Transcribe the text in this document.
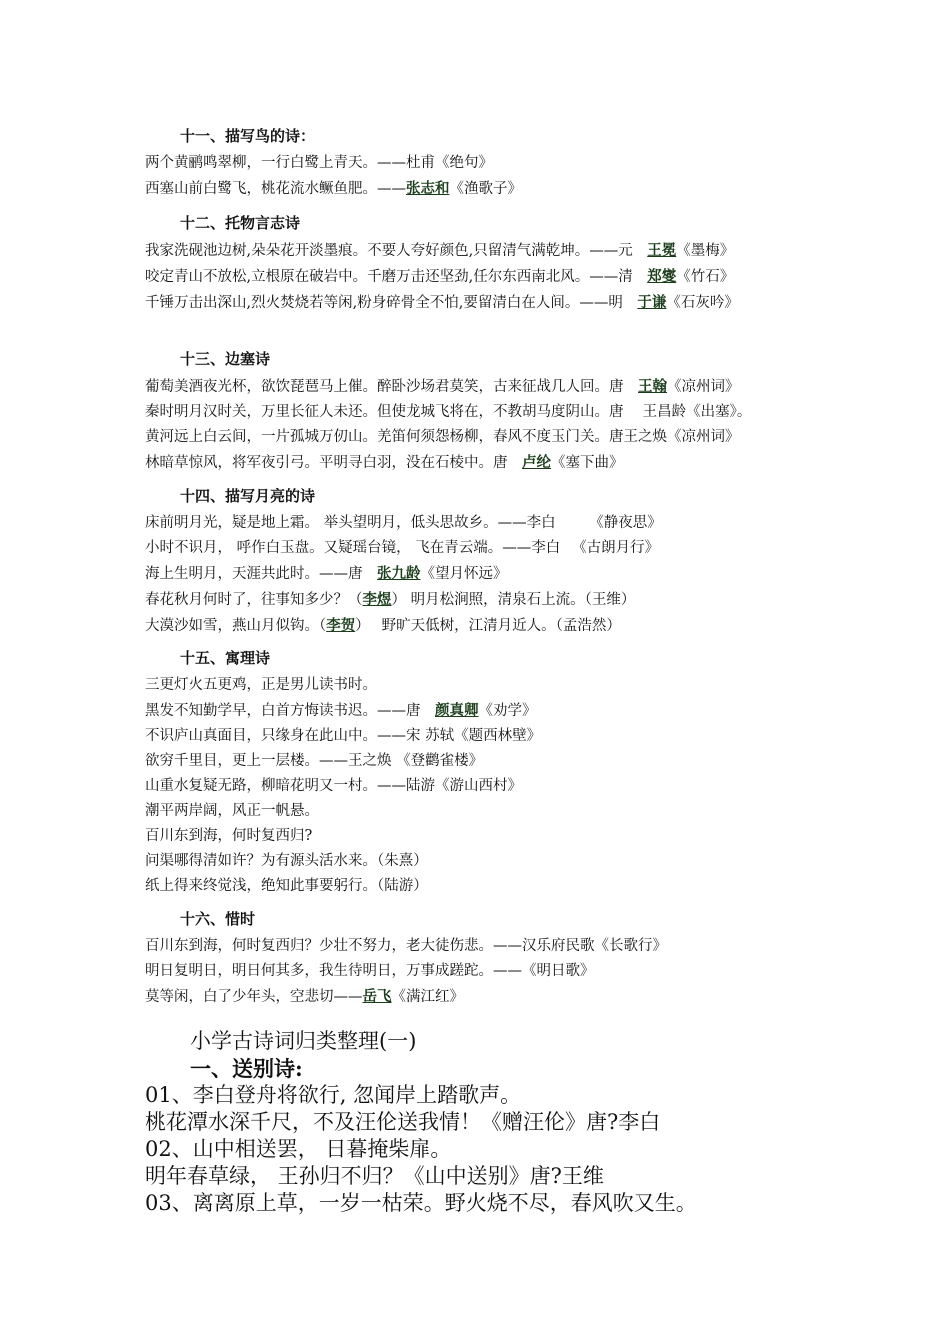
十一、描写鸟的诗：
两个黄鹂鸣翠柳，一行白鹭上青天。——杜甫《绝句》
西塞山前白鹭飞，桃花流水鳜鱼肥。——张志和《渔歌子》
十二、托物言志诗
我家洗砚池边树,朵朵花开淡墨痕。不要人夸好颜色,只留清气满乾坤。——元　王冕《墨梅》
咬定青山不放松,立根原在破岩中。千磨万击还坚劲,任尔东西南北风。——清　郑燮《竹石》
千锤万击出深山,烈火焚烧若等闲,粉身碎骨全不怕,要留清白在人间。——明　于谦《石灰吟》
十三、边塞诗
葡萄美酒夜光杯，欲饮琵琶马上催。醉卧沙场君莫笑，古来征战几人回。唐　王翰《凉州词》
秦时明月汉时关，万里长征人未还。但使龙城飞将在，不教胡马度阴山。唐　 王昌龄《出塞》。
黄河远上白云间，一片孤城万仞山。羌笛何须怨杨柳，春风不度玉门关。唐王之焕《凉州词》
林暗草惊风，将军夜引弓。平明寻白羽，没在石棱中。唐　卢纶《塞下曲》
十四、描写月亮的诗
床前明月光，疑是地上霜。 举头望明月，低头思故乡。——李白　　 《静夜思》
小时不识月， 呼作白玉盘。又疑瑶台镜， 飞在青云端。——李白 　《古朗月行》
海上生明月，天涯共此时。——唐　张九龄《望月怀远》
春花秋月何时了，往事知多少？（李煜） 明月松涧照，清泉石上流。（王维）
大漠沙如雪，燕山月似钩。（李贺）　 野旷天低树，江清月近人。（孟浩然）
十五、寓理诗
三更灯火五更鸡，正是男儿读书时。
黑发不知勤学早，白首方悔读书迟。——唐　颜真卿《劝学》
不识庐山真面目，只缘身在此山中。——宋 苏轼《题西林壁》
欲穷千里目，更上一层楼。——王之焕 《登鹳雀楼》
山重水复疑无路，柳暗花明又一村。——陆游《游山西村》
潮平两岸阔，风正一帆悬。
百川东到海，何时复西归?
问渠哪得清如许？为有源头活水来。（朱熹）
纸上得来终觉浅，绝知此事要躬行。（陆游）
十六、惜时
百川东到海，何时复西归？少壮不努力，老大徒伤悲。——汉乐府民歌《长歌行》
明日复明日，明日何其多，我生待明日，万事成蹉跎。——《明日歌》
莫等闲，白了少年头，空悲切——岳飞《满江红》
小学古诗词归类整理(一)
一、送别诗:
01、李白登舟将欲行, 忽闻岸上踏歌声。
桃花潭水深千尺，不及汪伦送我情！《赠汪伦》唐?李白
02、山中相送罢， 日暮掩柴扉。
明年春草绿， 王孙归不归？《山中送别》唐?王维
03、离离原上草，一岁一枯荣。野火烧不尽，春风吹又生。
